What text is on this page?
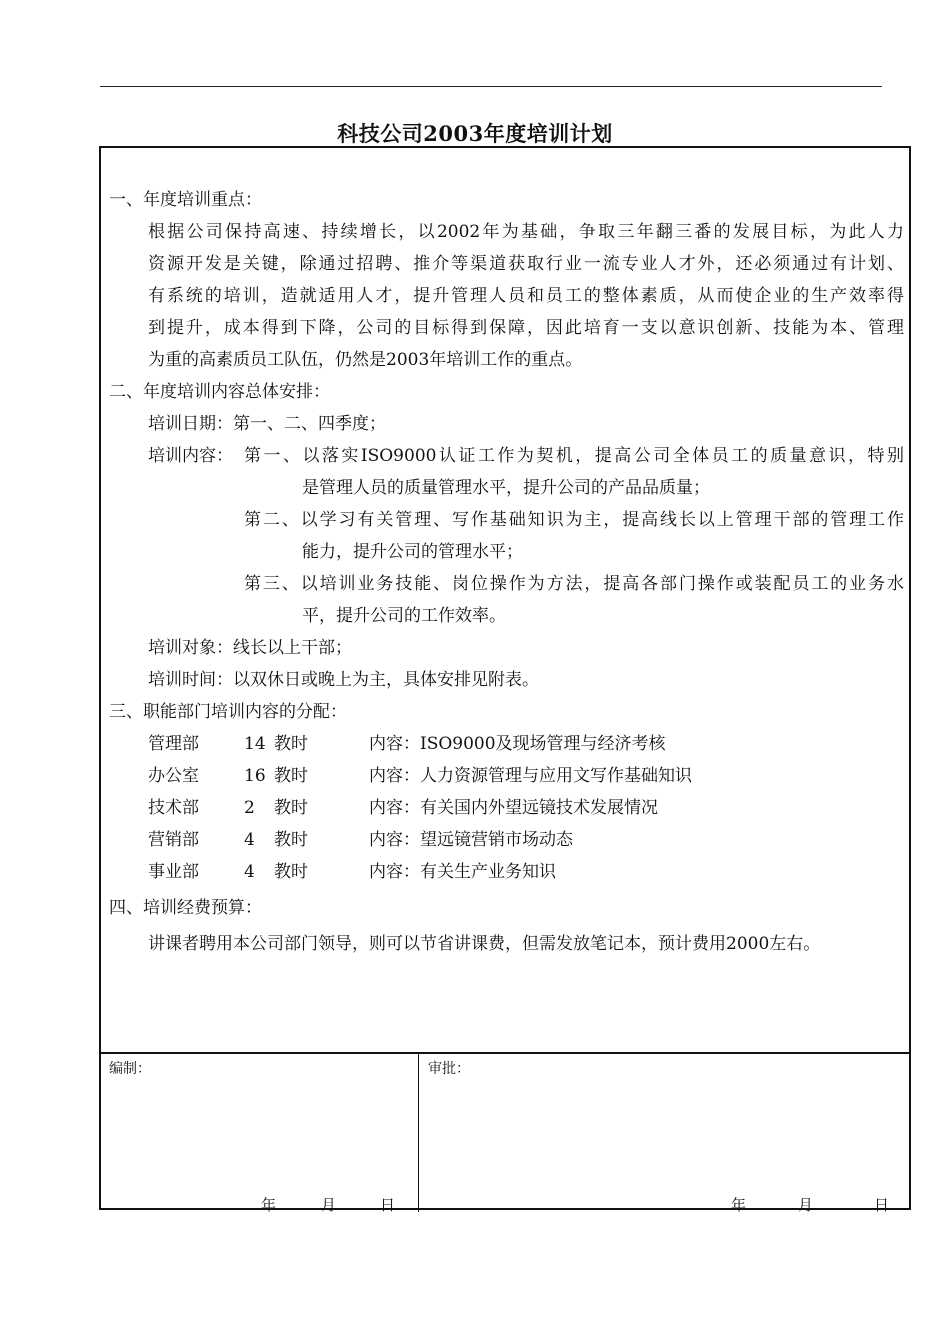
科技公司2003年度培训计划
一、年度培训重点：
根据公司保持高速、持续增长，以2002年为基础，争取三年翻三番的发展目标，为此人力
资源开发是关键，除通过招聘、推介等渠道获取行业一流专业人才外，还必须通过有计划、
有系统的培训，造就适用人才，提升管理人员和员工的整体素质，从而使企业的生产效率得
到提升，成本得到下降，公司的目标得到保障，因此培育一支以意识创新、技能为本、管理
为重的高素质员工队伍，仍然是2003年培训工作的重点。
二、年度培训内容总体安排：
培训日期：第一、二、四季度；
培训内容： 第一、以落实ISO9000认证工作为契机，提高公司全体员工的质量意识，特别
是管理人员的质量管理水平，提升公司的产品品质量；
第二、以学习有关管理、写作基础知识为主，提高线长以上管理干部的管理工作
能力，提升公司的管理水平；
第三、以培训业务技能、岗位操作为方法，提高各部门操作或装配员工的业务水
平，提升公司的工作效率。
培训对象：线长以上干部；
培训时间：以双休日或晚上为主，具体安排见附表。
三、职能部门培训内容的分配：
管理部	14 教时	内容：ISO9000及现场管理与经济考核
办公室	16 教时	内容：人力资源管理与应用文写作基础知识
技术部	2 教时	内容：有关国内外望远镜技术发展情况
营销部	4 教时	内容：望远镜营销市场动态
事业部	4 教时	内容：有关生产业务知识
四、培训经费预算：
讲课者聘用本公司部门领导，则可以节省讲课费，但需发放笔记本，预计费用2000左右。
编制：	审批：
年	月	日	年	月	日
